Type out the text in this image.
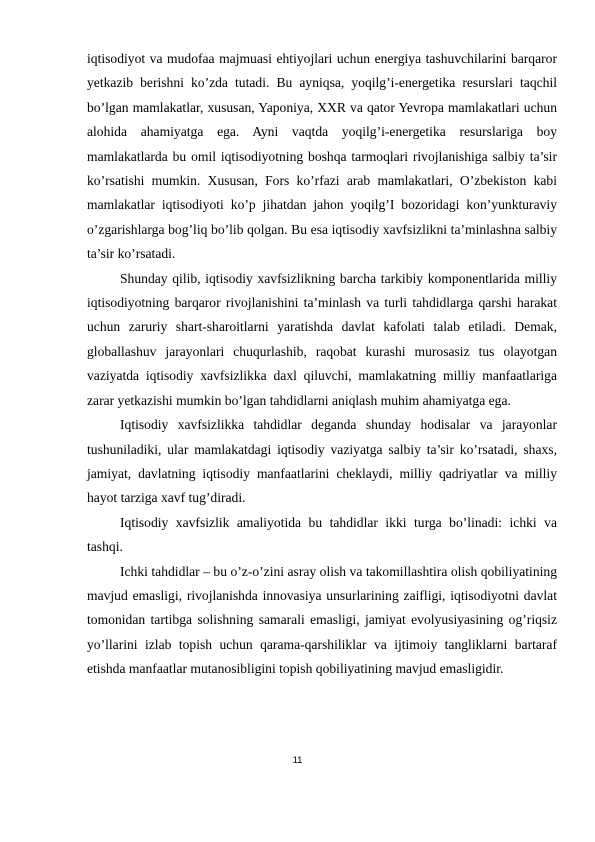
iqtisodiyot va mudofaa majmuasi ehtiyojlari uchun energiya tashuvchilarini barqaror yetkazib berishni ko’zda tutadi. Bu ayniqsa, yoqilg’i-energetika resurslari taqchil bo’lgan mamlakatlar, xususan, Yaponiya, XXR va qator Yevropa mamlakatlari uchun alohida ahamiyatga ega. Ayni vaqtda yoqilg’i-energetika resurslariga boy mamlakatlarda bu omil iqtisodiyotning boshqa tarmoqlari rivojlanishiga salbiy ta’sir ko’rsatishi mumkin. Xususan, Fors ko’rfazi arab mamlakatlari, O’zbekiston kabi mamlakatlar iqtisodiyoti ko’p jihatdan jahon yoqilg’I bozoridagi kon’yunkturaviy o’zgarishlarga bog’liq bo’lib qolgan. Bu esa iqtisodiy xavfsizlikni ta’minlashna salbiy ta’sir ko’rsatadi.

Shunday qilib, iqtisodiy xavfsizlikning barcha tarkibiy komponentlarida milliy iqtisodiyotning barqaror rivojlanishini ta’minlash va turli tahdidlarga qarshi harakat uchun zaruriy shart-sharoitlarni yaratishda davlat kafolati talab etiladi. Demak, globallashuv jarayonlari chuqurlashib, raqobat kurashi murosasiz tus olayotgan vaziyatda iqtisodiy xavfsizlikka daxl qiluvchi, mamlakatning milliy manfaatlariga zarar yetkazishi mumkin bo’lgan tahdidlarni aniqlash muhim ahamiyatga ega.

Iqtisodiy xavfsizlikka tahdidlar deganda shunday hodisalar va jarayonlar tushuniladiki, ular mamlakatdagi iqtisodiy vaziyatga salbiy ta’sir ko’rsatadi, shaxs, jamiyat, davlatning iqtisodiy manfaatlarini cheklaydi, milliy qadriyatlar va milliy hayot tarziga xavf tug’diradi.

Iqtisodiy xavfsizlik amaliyotida bu tahdidlar ikki turga bo’linadi: ichki va tashqi.

Ichki tahdidlar – bu o’z-o’zini asray olish va takomillashtira olish qobiliyatining mavjud emasligi, rivojlanishda innovasiya unsurlarining zaifligi, iqtisodiyotni davlat tomonidan tartibga solishning samarali emasligi, jamiyat evolyusiyasining og’riqsiz yo’llarini izlab topish uchun qarama-qarshiliklar va ijtimoiy tangliklarni bartaraf etishda manfaatlar mutanosibligini topish qobiliyatining mavjud emasligidir.

11
